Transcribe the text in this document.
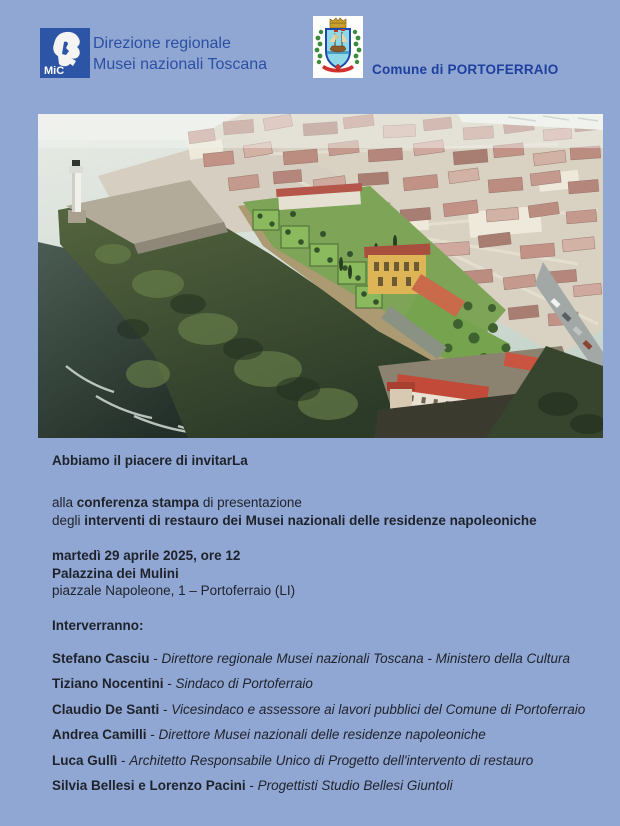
MiC
Direzione regionale
Musei nazionali Toscana	Comune di PORTOFERRAIO

Abbiamo il piacere di invitarLa

alla conferenza stampa di presentazione
degli interventi di restauro dei Musei nazionali delle residenze napoleoniche

martedì 29 aprile 2025, ore 12
Palazzina dei Mulini
piazzale Napoleone, 1 – Portoferraio (LI)

Interverranno:

Stefano Casciu - Direttore regionale Musei nazionali Toscana - Ministero della Cultura
Tiziano Nocentini - Sindaco di Portoferraio
Claudio De Santi - Vicesindaco e assessore ai lavori pubblici del Comune di Portoferraio
Andrea Camilli - Direttore Musei nazionali delle residenze napoleoniche
Luca Gullì - Architetto Responsabile Unico di Progetto dell'intervento di restauro
Silvia Bellesi e Lorenzo Pacini - Progettisti Studio Bellesi Giuntoli
